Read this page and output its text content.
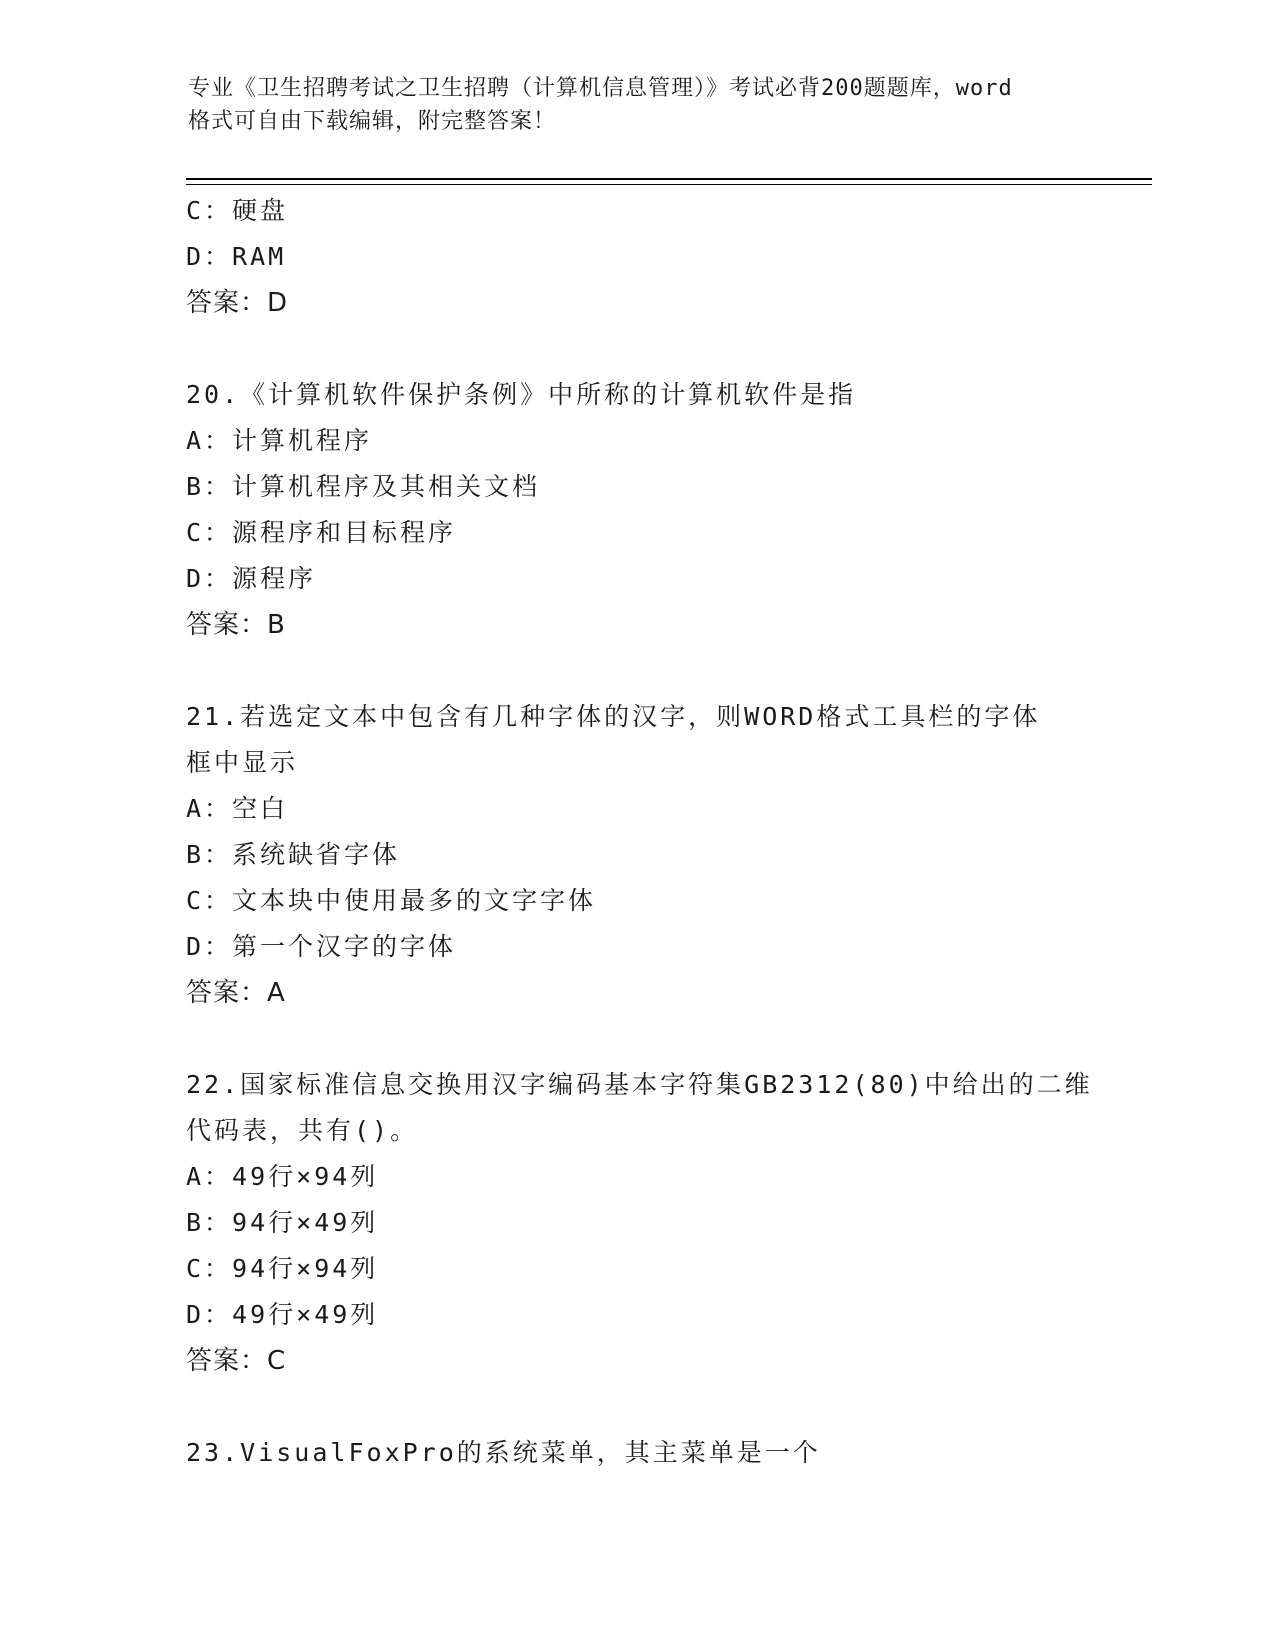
专业《卫生招聘考试之卫生招聘（计算机信息管理）》考试必背200题题库，word
格式可自由下载编辑，附完整答案！
C：硬盘
D：RAM
答案：D
20.《计算机软件保护条例》中所称的计算机软件是指
A：计算机程序
B：计算机程序及其相关文档
C：源程序和目标程序
D：源程序
答案：B
21.若选定文本中包含有几种字体的汉字，则WORD格式工具栏的字体
框中显示
A：空白
B：系统缺省字体
C：文本块中使用最多的文字字体
D：第一个汉字的字体
答案：A
22.国家标准信息交换用汉字编码基本字符集GB2312(80)中给出的二维
代码表，共有()。
A：49行×94列
B：94行×49列
C：94行×94列
D：49行×49列
答案：C
23.VisualFoxPro的系统菜单，其主菜单是一个
